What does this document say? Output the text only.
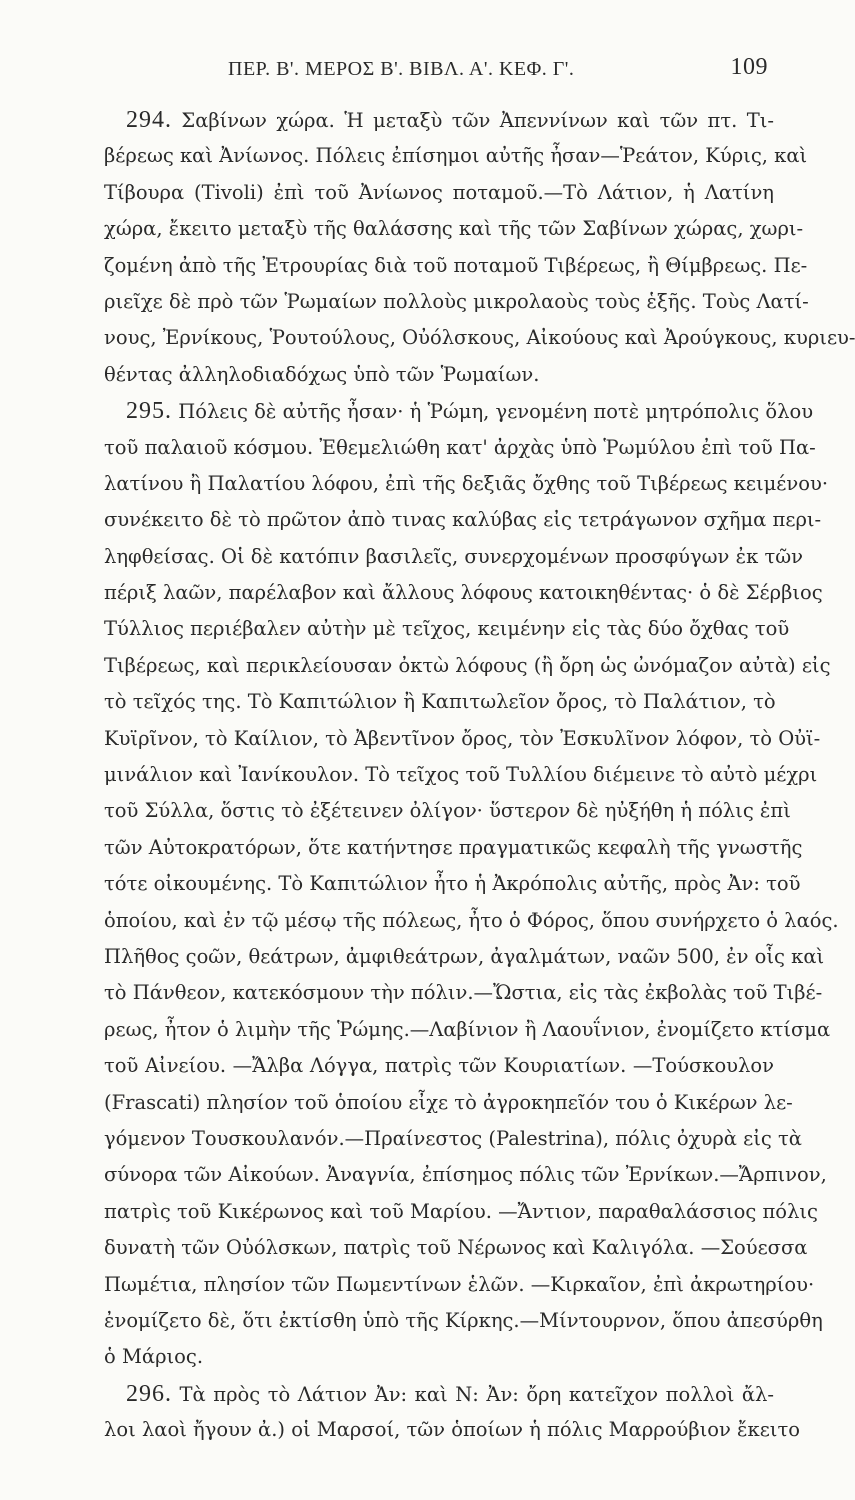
ΠΕΡ. Β'. ΜΕΡΟΣ Β'. ΒΙΒΛ. Α'. ΚΕΦ. Γ'.	109
294. Σαβίνων χώρα. Ἡ μεταξὺ τῶν Ἀπεννίνων καὶ τῶν πτ. Τι-
βέρεως καὶ Ἀνίωνος. Πόλεις ἐπίσημοι αὐτῆς ἦσαν—Ῥεάτον, Κύρις, καὶ
Τίβουρα (Tivoli) ἐπὶ τοῦ Ἀνίωνος ποταμοῦ.—Τὸ Λάτιον, ἡ Λατίνη
χώρα, ἔκειτο μεταξὺ τῆς θαλάσσης καὶ τῆς τῶν Σαβίνων χώρας, χωρι-
ζομένη ἀπὸ τῆς Ἐτρουρίας διὰ τοῦ ποταμοῦ Τιβέρεως, ἢ Θίμβρεως. Πε-
ριεῖχε δὲ πρὸ τῶν Ῥωμαίων πολλοὺς μικρολαοὺς τοὺς ἑξῆς. Τοὺς Λατί-
νους, Ἐρνίκους, Ῥουτούλους, Οὐόλσκους, Αἰκούους καὶ Ἀρούγκους, κυριευ-
θέντας ἀλληλοδιαδόχως ὑπὸ τῶν Ῥωμαίων.
295. Πόλεις δὲ αὐτῆς ἦσαν· ἡ Ῥώμη, γενομένη ποτὲ μητρόπολις ὅλου
τοῦ παλαιοῦ κόσμου. Ἐθεμελιώθη κατ' ἀρχὰς ὑπὸ Ῥωμύλου ἐπὶ τοῦ Πα-
λατίνου ἢ Παλατίου λόφου, ἐπὶ τῆς δεξιᾶς ὄχθης τοῦ Τιβέρεως κειμένου·
συνέκειτο δὲ τὸ πρῶτον ἀπὸ τινας καλύβας εἰς τετράγωνον σχῆμα περι-
ληφθείσας. Οἱ δὲ κατόπιν βασιλεῖς, συνερχομένων προσφύγων ἐκ τῶν
πέριξ λαῶν, παρέλαβον καὶ ἄλλους λόφους κατοικηθέντας· ὁ δὲ Σέρβιος
Τύλλιος περιέβαλεν αὐτὴν μὲ τεῖχος, κειμένην εἰς τὰς δύο ὄχθας τοῦ
Τιβέρεως, καὶ περικλείουσαν ὀκτὼ λόφους (ἢ ὄρη ὡς ὠνόμαζον αὐτὰ) εἰς
τὸ τεῖχός της. Τὸ Καπιτώλιον ἢ Καπιτωλεῖον ὄρος, τὸ Παλάτιον, τὸ
Κυϊρῖνον, τὸ Καίλιον, τὸ Ἀβεντῖνον ὄρος, τὸν Ἐσκυλῖνον λόφον, τὸ Οὐϊ-
μινάλιον καὶ Ἰανίκουλον. Τὸ τεῖχος τοῦ Τυλλίου διέμεινε τὸ αὐτὸ μέχρι
τοῦ Σύλλα, ὅστις τὸ ἐξέτεινεν ὀλίγον· ὕστερον δὲ ηὐξήθη ἡ πόλις ἐπὶ
τῶν Αὐτοκρατόρων, ὅτε κατήντησε πραγματικῶς κεφαλὴ τῆς γνωστῆς
τότε οἰκουμένης. Τὸ Καπιτώλιον ἦτο ἡ Ἀκρόπολις αὐτῆς, πρὸς Ἀν: τοῦ
ὁποίου, καὶ ἐν τῷ μέσῳ τῆς πόλεως, ἦτο ὁ Φόρος, ὅπου συνήρχετο ὁ λαός.
Πλῆθος ςοῶν, θεάτρων, ἀμφιθεάτρων, ἀγαλμάτων, ναῶν 500, ἐν οἷς καὶ
τὸ Πάνθεον, κατεκόσμουν τὴν πόλιν.—Ὤστια, εἰς τὰς ἐκβολὰς τοῦ Τιβέ-
ρεως, ἦτον ὁ λιμὴν τῆς Ῥώμης.—Λαβίνιον ἢ Λαουΐνιον, ἐνομίζετο κτίσμα
τοῦ Αἰνείου. —Ἄλβα Λόγγα, πατρὶς τῶν Κουριατίων. —Τούσκουλον
(Frascati) πλησίον τοῦ ὁποίου εἶχε τὸ ἀγροκηπεῖόν του ὁ Κικέρων λε-
γόμενον Τουσκουλανόν.—Πραίνεστος (Palestrina), πόλις ὀχυρὰ εἰς τὰ
σύνορα τῶν Αἰκούων. Ἀναγνία, ἐπίσημος πόλις τῶν Ἐρνίκων.—Ἄρπινον,
πατρὶς τοῦ Κικέρωνος καὶ τοῦ Μαρίου. —Ἄντιον, παραθαλάσσιος πόλις
δυνατὴ τῶν Οὐόλσκων, πατρὶς τοῦ Νέρωνος καὶ Καλιγόλα. —Σούεσσα
Πωμέτια, πλησίον τῶν Πωμεντίνων ἑλῶν. —Κιρκαῖον, ἐπὶ ἀκρωτηρίου·
ἐνομίζετο δὲ, ὅτι ἐκτίσθη ὑπὸ τῆς Κίρκης.—Μίντουρνον, ὅπου ἀπεσύρθη
ὁ Μάριος.
296. Τὰ πρὸς τὸ Λάτιον Ἀν: καὶ Ν: Ἀν: ὄρη κατεῖχον πολλοὶ ἄλ-
λοι λαοὶ ἤγουν ἀ.) οἱ Μαρσοί, τῶν ὁποίων ἡ πόλις Μαρρούβιον ἔκειτο
